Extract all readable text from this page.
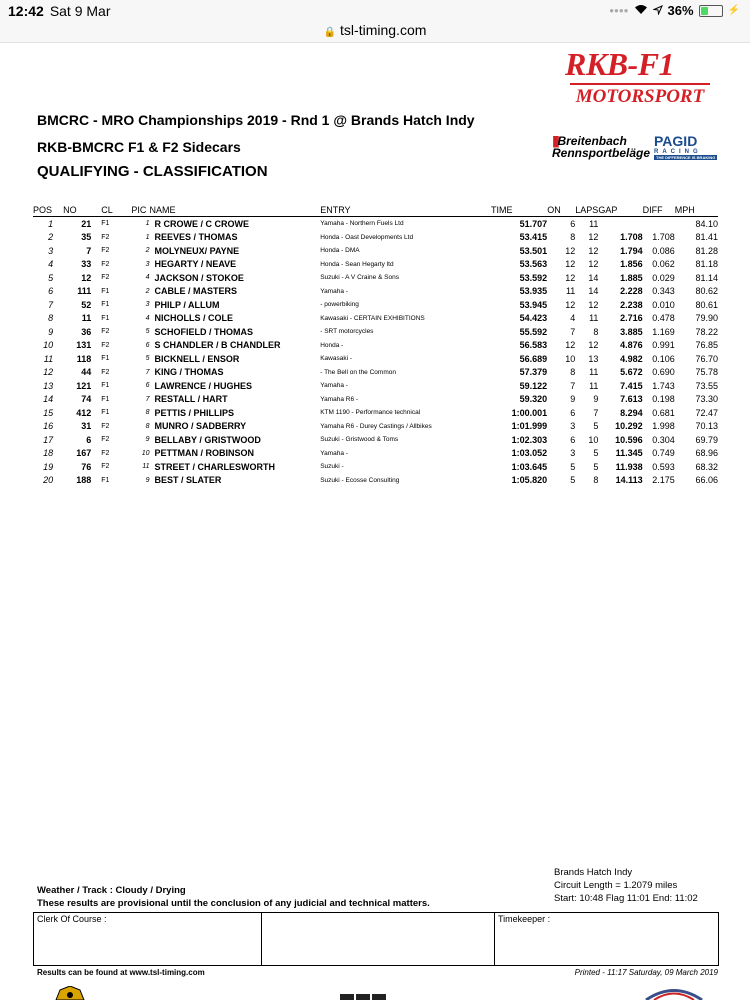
12:42 Sat 9 Mar	●●●●	36%	⚡
🔒 tsl-timing.com
RKB-F1
MOTORSPORT
||||Breitenbach
Rennsportbeläge
PAGID
RACING
THE DIFFERENCE IS BRAKING
BMCRC - MRO Championships 2019 - Rnd 1 @ Brands Hatch Indy
RKB-BMCRC F1 & F2 Sidecars
QUALIFYING - CLASSIFICATION
POS	NO	CL	PIC	NAME	ENTRY	TIME	ON	LAPS	GAP	DIFF	MPH
1	21	F1	1	R CROWE / C CROWE	Yamaha - Northern Fuels Ltd	51.707	6	11			84.10
2	35	F2	1	REEVES / THOMAS	Honda - Oast Developments Ltd	53.415	8	12	1.708	1.708	81.41
3	7	F2	2	MOLYNEUX/ PAYNE	Honda - DMA	53.501	12	12	1.794	0.086	81.28
4	33	F2	3	HEGARTY / NEAVE	Honda - Sean Hegarty ltd	53.563	12	12	1.856	0.062	81.18
5	12	F2	4	JACKSON / STOKOE	Suzuki - A V Craine & Sons	53.592	12	14	1.885	0.029	81.14
6	111	F1	2	CABLE / MASTERS	Yamaha -	53.935	11	14	2.228	0.343	80.62
7	52	F1	3	PHILP / ALLUM	- powerbiking	53.945	12	12	2.238	0.010	80.61
8	11	F1	4	NICHOLLS / COLE	Kawasaki - CERTAIN EXHIBITIONS	54.423	4	11	2.716	0.478	79.90
9	36	F2	5	SCHOFIELD / THOMAS	- SRT motorcycles	55.592	7	8	3.885	1.169	78.22
10	131	F2	6	S CHANDLER / B CHANDLER	Honda -	56.583	12	12	4.876	0.991	76.85
11	118	F1	5	BICKNELL / ENSOR	Kawasaki -	56.689	10	13	4.982	0.106	76.70
12	44	F2	7	KING / THOMAS	- The Bell on the Common	57.379	8	11	5.672	0.690	75.78
13	121	F1	6	LAWRENCE / HUGHES	Yamaha -	59.122	7	11	7.415	1.743	73.55
14	74	F1	7	RESTALL / HART	Yamaha R6 -	59.320	9	9	7.613	0.198	73.30
15	412	F1	8	PETTIS / PHILLIPS	KTM 1190 - Performance technical	1:00.001	6	7	8.294	0.681	72.47
16	31	F2	8	MUNRO / SADBERRY	Yamaha R6 - Durey Castings / Allbikes	1:01.999	3	5	10.292	1.998	70.13
17	6	F2	9	BELLABY / GRISTWOOD	Suzuki - Gristwood & Toms	1:02.303	6	10	10.596	0.304	69.79
18	167	F2	10	PETTMAN / ROBINSON	Yamaha -	1:03.052	3	5	11.345	0.749	68.96
19	76	F2	11	STREET / CHARLESWORTH	Suzuki -	1:03.645	5	5	11.938	0.593	68.32
20	188	F1	9	BEST / SLATER	Suzuki - Ecosse Consulting	1:05.820	5	8	14.113	2.175	66.06
Brands Hatch Indy
Circuit Length = 1.2079 miles
Start: 10:48 Flag 11:01 End: 11:02
Weather / Track : Cloudy / Drying
These results are provisional until the conclusion of any judicial and technical matters.
Clerk Of Course :	Timekeeper :
Results can be found at www.tsl-timing.com	Printed - 11:17 Saturday, 09 March 2019
